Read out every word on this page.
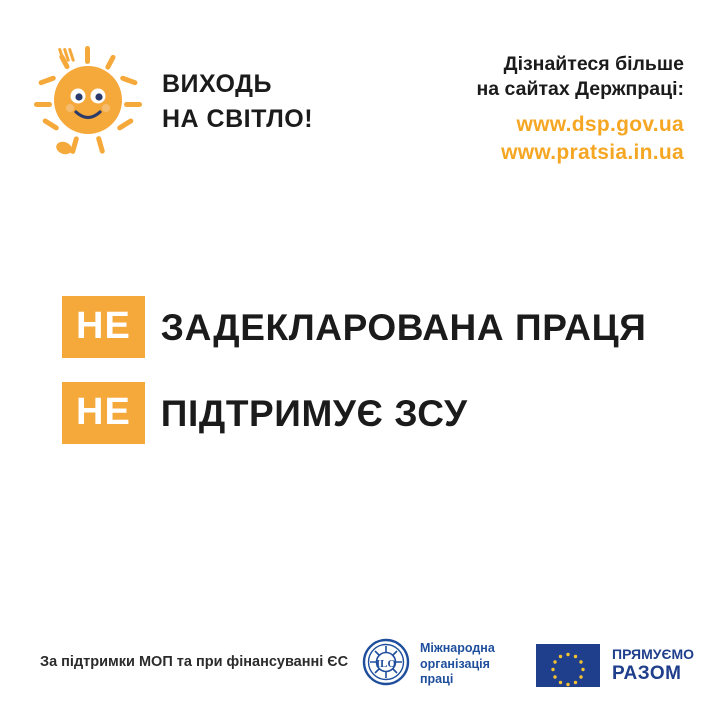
ВИХОДЬ
НА СВІТЛО!
Дізнайтеся більше
на сайтах Держпраці:
www.dsp.gov.ua
www.pratsia.in.ua
НЕ ЗАДЕКЛАРОВАНА ПРАЦЯ
НЕ ПІДТРИМУЄ ЗСУ
За підтримки МОП та при фінансуванні ЄС	ILO
Міжнародна
організація
праці
ПРЯМУЄМО
РАЗОМ
